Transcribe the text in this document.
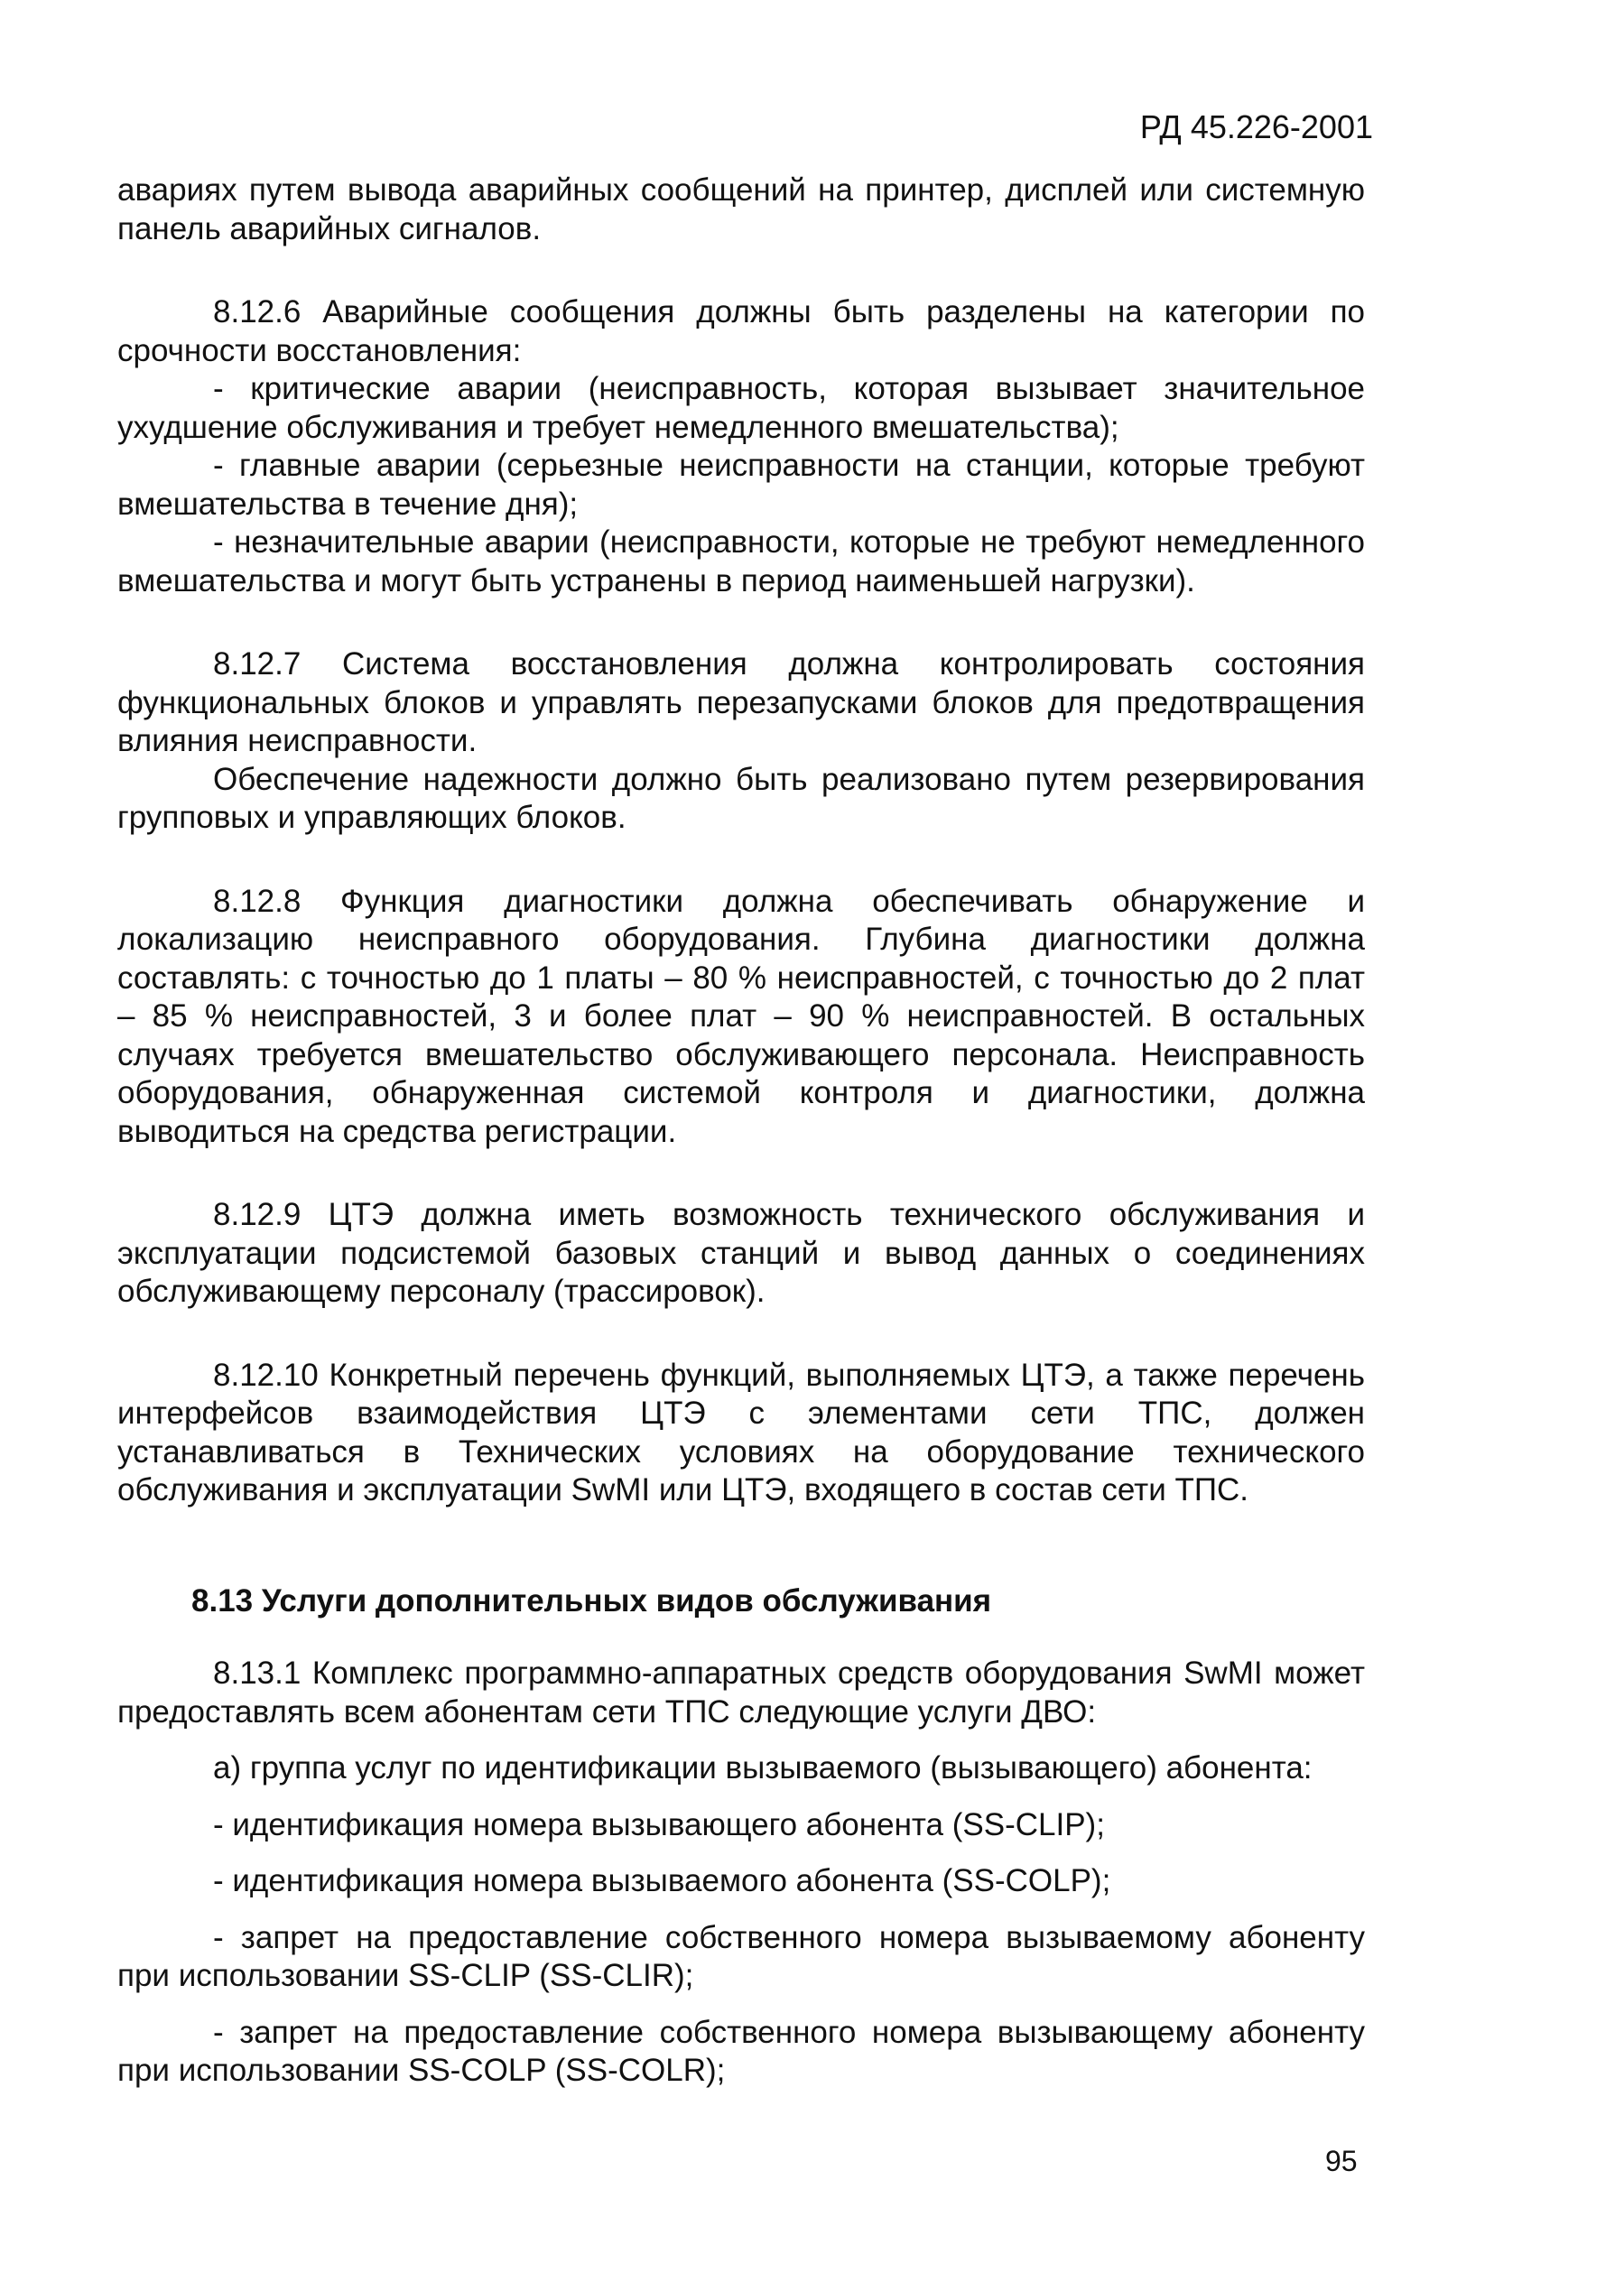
РД 45.226-2001

авариях путем вывода аварийных сообщений на принтер, дисплей или системную панель аварийных сигналов.

8.12.6 Аварийные сообщения должны быть разделены на категории по срочности восстановления:

- критические аварии (неисправность, которая вызывает значительное ухудшение обслуживания и требует немедленного вмешательства);

- главные аварии (серьезные неисправности на станции, которые требуют вмешательства в течение дня);

- незначительные аварии (неисправности, которые не требуют немедленного вмешательства и могут быть устранены в период наименьшей нагрузки).

8.12.7 Система восстановления должна контролировать состояния функциональных блоков и управлять перезапусками блоков для предотвращения влияния неисправности.

Обеспечение надежности должно быть реализовано путем резервирования групповых и управляющих блоков.

8.12.8 Функция диагностики должна обеспечивать обнаружение и локализацию неисправного оборудования. Глубина диагностики должна составлять: с точностью до 1 платы – 80 % неисправностей, с точностью до 2 плат – 85 % неисправностей, 3 и более плат – 90 % неисправностей. В остальных случаях требуется вмешательство обслуживающего персонала. Неисправность оборудования, обнаруженная системой контроля и диагностики, должна выводиться на средства регистрации.

8.12.9 ЦТЭ должна иметь возможность технического обслуживания и эксплуатации подсистемой базовых станций и вывод данных о соединениях обслуживающему персоналу (трассировок).

8.12.10 Конкретный перечень функций, выполняемых ЦТЭ, а также перечень интерфейсов взаимодействия ЦТЭ с элементами сети ТПС, должен устанавливаться в Технических условиях на оборудование технического обслуживания и эксплуатации SwMI или ЦТЭ, входящего в состав сети ТПС.

8.13 Услуги дополнительных видов обслуживания

8.13.1 Комплекс программно-аппаратных средств оборудования SwMI может предоставлять всем абонентам сети ТПС следующие услуги ДВО:

а) группа услуг по идентификации вызываемого (вызывающего) абонента:

- идентификация номера вызывающего абонента (SS-CLIP);

- идентификация номера вызываемого абонента (SS-COLP);

- запрет на предоставление собственного номера вызываемому абоненту при использовании SS-CLIP (SS-CLIR);

- запрет на предоставление собственного номера вызывающему абоненту при использовании SS-COLP (SS-COLR);

95
